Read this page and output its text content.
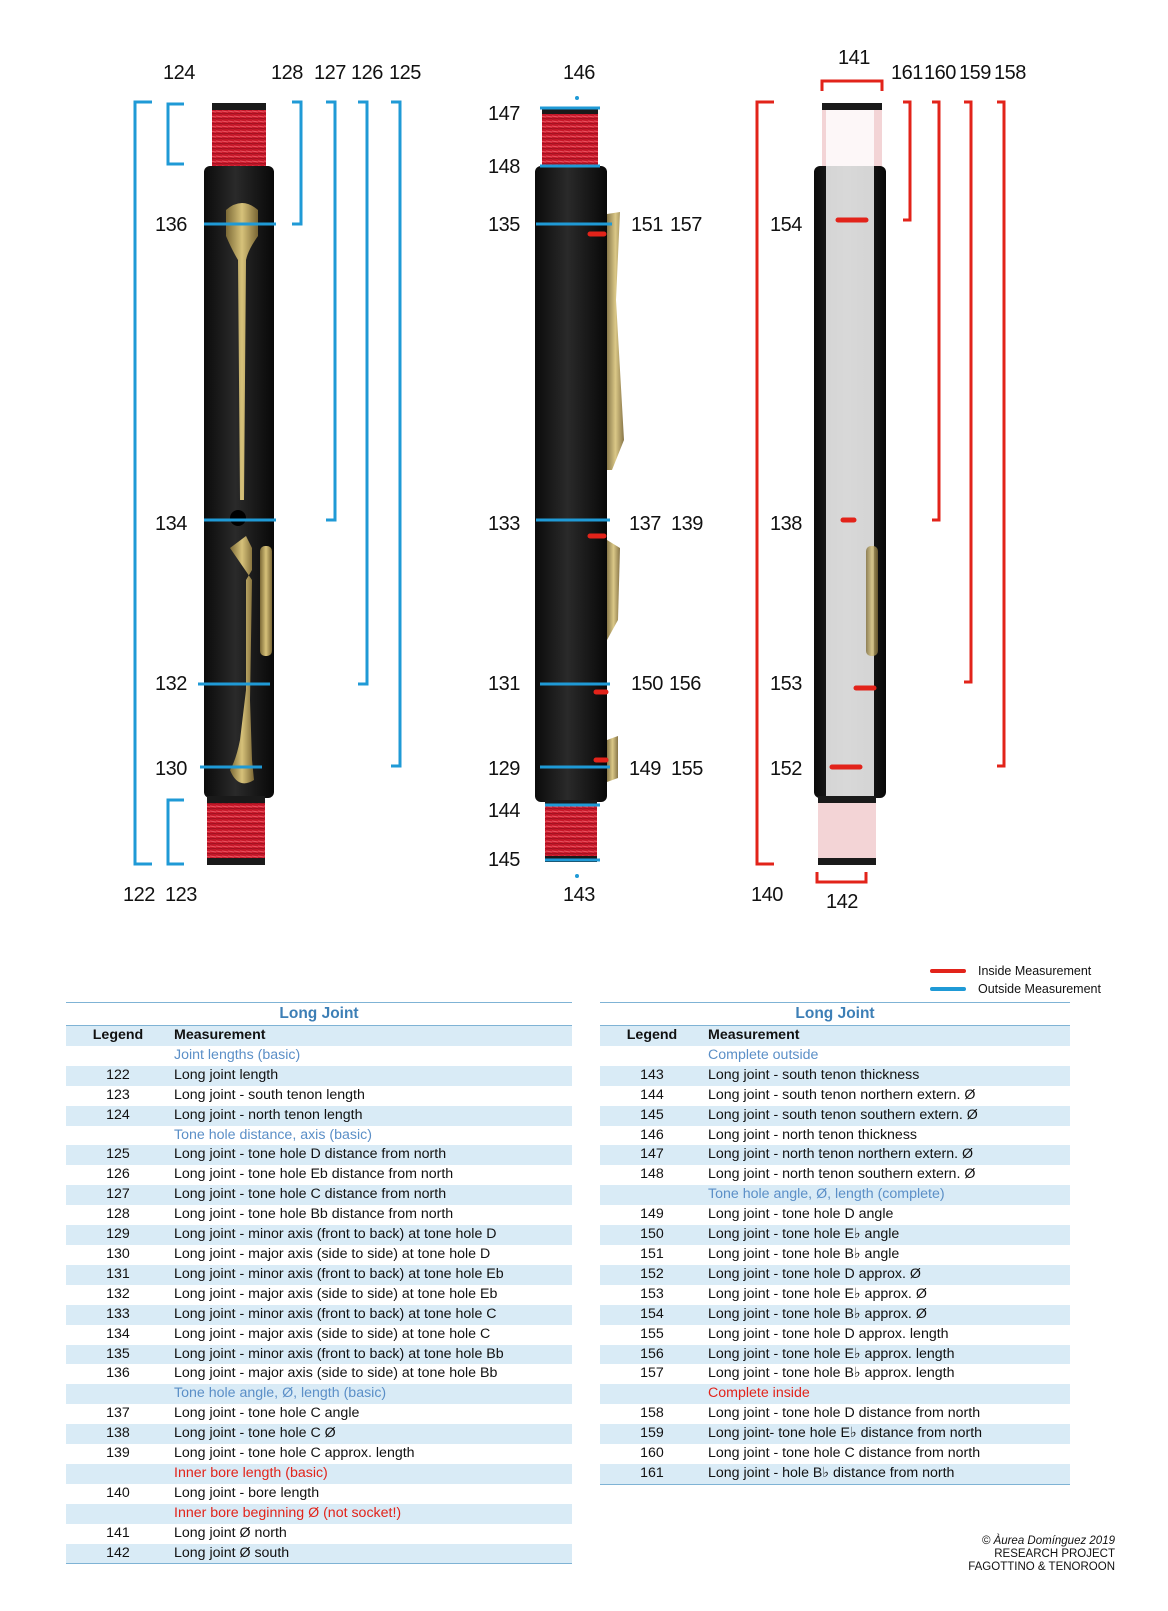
124	128 127 126 125
136
134
132
130
122 123
146
147
148
135	151 157
133	137 139
131	150 156
129	149 155
144
145
143
141
161 160 159 158
154
138
153
152
140 142
Inside Measurement
Outside Measurement
Long Joint
Legend	Measurement
	Joint lengths (basic)
122	Long joint length
123	Long joint - south tenon length
124	Long joint - north tenon length
	Tone hole distance, axis (basic)
125	Long joint - tone hole D distance from north
126	Long joint - tone hole Eb distance from north
127	Long joint - tone hole C distance from north
128	Long joint - tone hole Bb distance from north
129	Long joint - minor axis (front to back) at tone hole D
130	Long joint - major axis (side to side) at tone hole D
131	Long joint - minor axis (front to back) at tone hole Eb
132	Long joint - major axis (side to side) at tone hole Eb
133	Long joint - minor axis (front to back) at tone hole C
134	Long joint - major axis (side to side) at tone hole C
135	Long joint - minor axis (front to back) at tone hole Bb
136	Long joint - major axis (side to side) at tone hole Bb
	Tone hole angle, Ø, length (basic)
137	Long joint - tone hole C angle
138	Long joint - tone hole C Ø
139	Long joint - tone hole C approx. length
	Inner bore length (basic)
140	Long joint - bore length
	Inner bore beginning Ø (not socket!)
141	Long joint Ø north
142	Long joint Ø south
Long Joint
Legend	Measurement
	Complete outside
143	Long joint - south tenon thickness
144	Long joint - south tenon northern extern. Ø
145	Long joint - south tenon southern extern. Ø
146	Long joint - north tenon thickness
147	Long joint - north tenon northern extern. Ø
148	Long joint - north tenon southern extern. Ø
	Tone hole angle, Ø, length (complete)
149	Long joint - tone hole D angle
150	Long joint - tone hole E♭ angle
151	Long joint - tone hole B♭ angle
152	Long joint - tone hole D approx. Ø
153	Long joint - tone hole E♭ approx. Ø
154	Long joint - tone hole B♭ approx. Ø
155	Long joint - tone hole D approx. length
156	Long joint - tone hole E♭ approx. length
157	Long joint - tone hole B♭ approx. length
	Complete inside
158	Long joint - tone hole D distance from north
159	Long joint- tone hole E♭ distance from north
160	Long joint - tone hole C distance from north
161	Long joint - hole B♭ distance from north
© Àurea Domínguez 2019
RESEARCH PROJECT
FAGOTTINO & TENOROON
